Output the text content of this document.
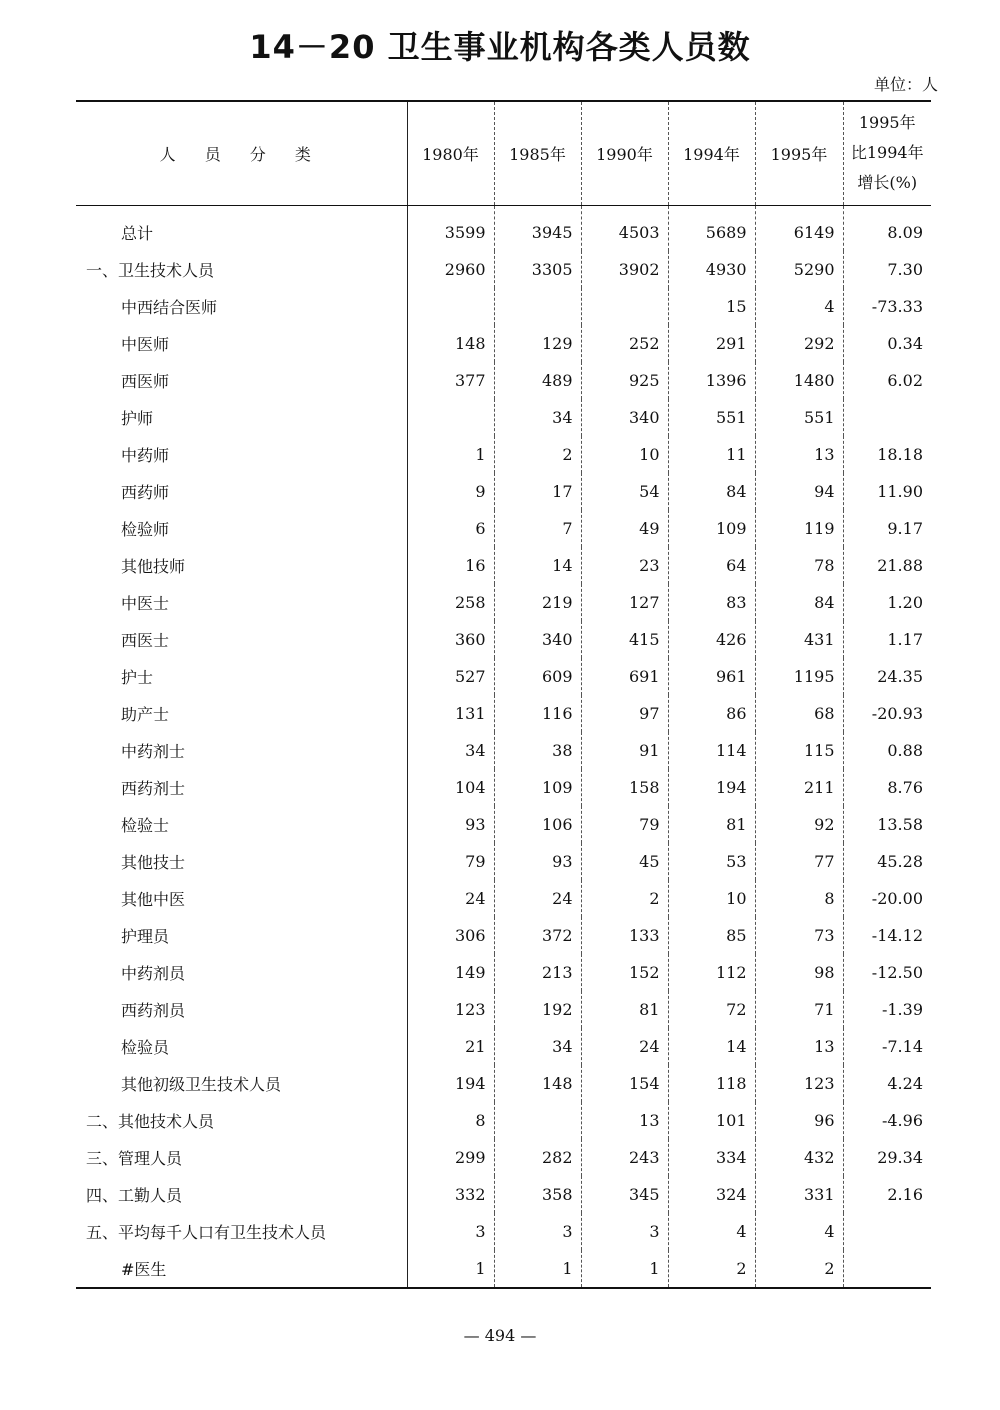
14－20 卫生事业机构各类人员数
单位：人
人 员 分 类	1980年	1985年	1990年	1994年	1995年	1995年
比1994年
增长(%)

总计	3599	3945	4503	5689	6149	8.09
一、卫生技术人员	2960	3305	3902	4930	5290	7.30
中西结合医师				15	4	-73.33
中医师	148	129	252	291	292	0.34
西医师	377	489	925	1396	1480	6.02
护师		34	340	551	551	
中药师	1	2	10	11	13	18.18
西药师	9	17	54	84	94	11.90
检验师	6	7	49	109	119	9.17
其他技师	16	14	23	64	78	21.88
中医士	258	219	127	83	84	1.20
西医士	360	340	415	426	431	1.17
护士	527	609	691	961	1195	24.35
助产士	131	116	97	86	68	-20.93
中药剂士	34	38	91	114	115	0.88
西药剂士	104	109	158	194	211	8.76
检验士	93	106	79	81	92	13.58
其他技士	79	93	45	53	77	45.28
其他中医	24	24	2	10	8	-20.00
护理员	306	372	133	85	73	-14.12
中药剂员	149	213	152	112	98	-12.50
西药剂员	123	192	81	72	71	-1.39
检验员	21	34	24	14	13	-7.14
其他初级卫生技术人员	194	148	154	118	123	4.24
二、其他技术人员	8		13	101	96	-4.96
三、管理人员	299	282	243	334	432	29.34
四、工勤人员	332	358	345	324	331	2.16
五、平均每千人口有卫生技术人员	3	3	3	4	4	
#医生	1	1	1	2	2	
— 494 —
